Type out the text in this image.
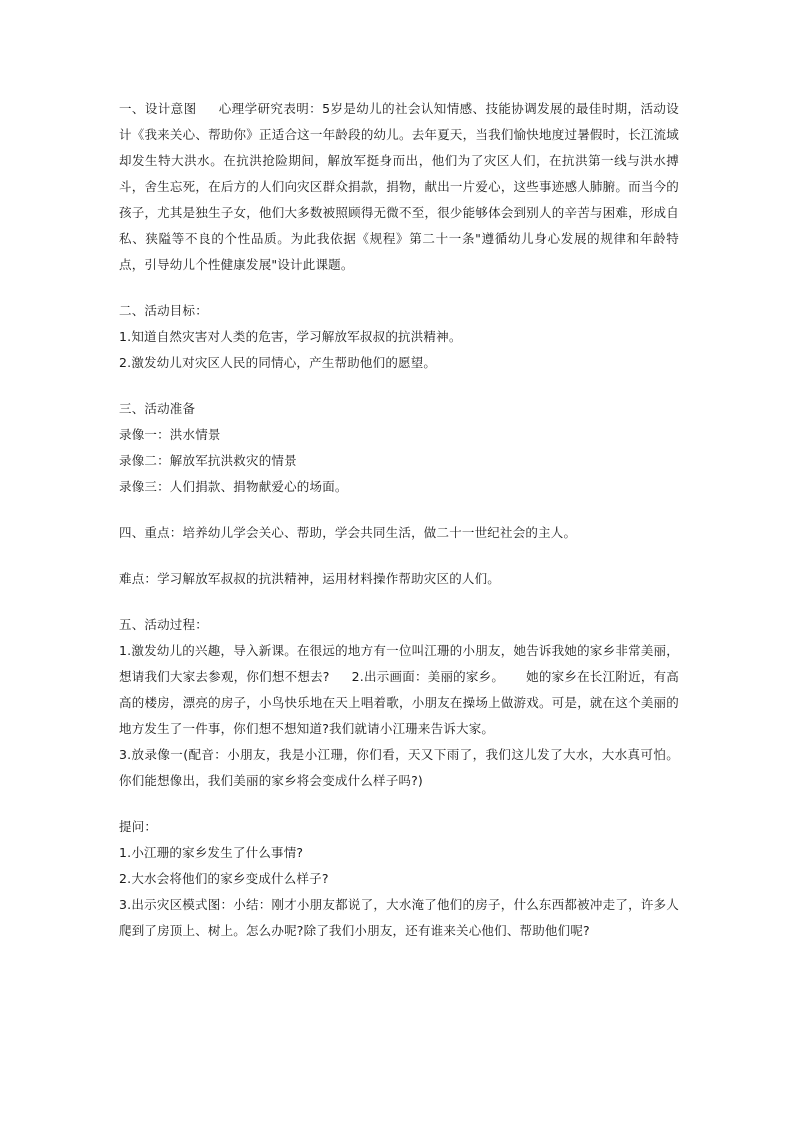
一、设计意图 心理学研究表明：5岁是幼儿的社会认知情感、技能协调发展的最佳时期，活动设计《我来关心、帮助你》正适合这一年龄段的幼儿。去年夏天，当我们愉快地度过暑假时，长江流域却发生特大洪水。在抗洪抢险期间，解放军挺身而出，他们为了灾区人们，在抗洪第一线与洪水搏斗，舍生忘死，在后方的人们向灾区群众捐款，捐物，献出一片爱心，这些事迹感人肺腑。而当今的孩子，尤其是独生子女，他们大多数被照顾得无微不至，很少能够体会到别人的辛苦与困难，形成自私、狭隘等不良的个性品质。为此我依据《规程》第二十一条"遵循幼儿身心发展的规律和年龄特点，引导幼儿个性健康发展"设计此课题。

二、活动目标：

1.知道自然灾害对人类的危害，学习解放军叔叔的抗洪精神。

2.激发幼儿对灾区人民的同情心，产生帮助他们的愿望。

三、活动准备

录像一：洪水情景

录像二：解放军抗洪救灾的情景

录像三：人们捐款、捐物献爱心的场面。

四、重点：培养幼儿学会关心、帮助，学会共同生活，做二十一世纪社会的主人。

难点：学习解放军叔叔的抗洪精神，运用材料操作帮助灾区的人们。

五、活动过程：

1.激发幼儿的兴趣，导入新课。在很远的地方有一位叫江珊的小朋友，她告诉我她的家乡非常美丽，想请我们大家去参观，你们想不想去? 2.出示画面：美丽的家乡。 她的家乡在长江附近，有高高的楼房，漂亮的房子，小鸟快乐地在天上唱着歌，小朋友在操场上做游戏。可是，就在这个美丽的地方发生了一件事，你们想不想知道?我们就请小江珊来告诉大家。

3.放录像一(配音：小朋友，我是小江珊，你们看，天又下雨了，我们这儿发了大水，大水真可怕。你们能想像出，我们美丽的家乡将会变成什么样子吗?)

提问：

1.小江珊的家乡发生了什么事情?

2.大水会将他们的家乡变成什么样子?

3.出示灾区模式图：小结：刚才小朋友都说了，大水淹了他们的房子，什么东西都被冲走了，许多人爬到了房顶上、树上。怎么办呢?除了我们小朋友，还有谁来关心他们、帮助他们呢?
